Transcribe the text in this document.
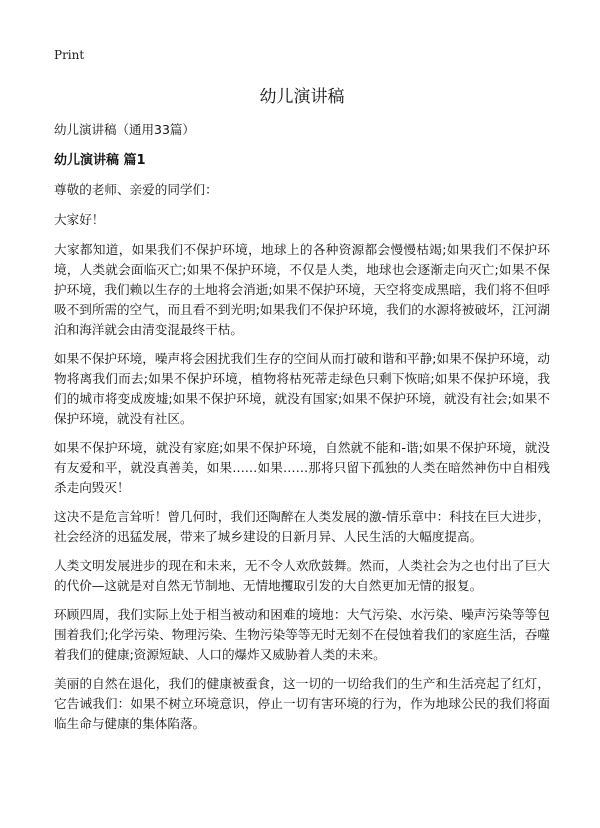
Print
幼儿演讲稿

幼儿演讲稿（通用33篇）

幼儿演讲稿 篇1

尊敬的老师、亲爱的同学们：

大家好！

大家都知道，如果我们不保护环境，地球上的各种资源都会慢慢枯竭;如果我们不保护环境，人类就会面临灭亡;如果不保护环境，不仅是人类，地球也会逐渐走向灭亡;如果不保护环境，我们赖以生存的土地将会消逝;如果不保护环境，天空将变成黑暗，我们将不但呼吸不到所需的空气，而且看不到光明;如果我们不保护环境，我们的水源将被破坏，江河湖泊和海洋就会由清变混最终干枯。

如果不保护环境，噪声将会困扰我们生存的空间从而打破和谐和平静;如果不保护环境，动物将离我们而去;如果不保护环境，植物将枯死蒂走绿色只剩下恢暗;如果不保护环境，我们的城市将变成废墟;如果不保护环境，就没有国家;如果不保护环境，就没有社会;如果不保护环境，就没有社区。

如果不保护环境，就没有家庭;如果不保护环境，自然就不能和-谐;如果不保护环境，就没有友爱和平，就没真善美，如果……如果……那将只留下孤独的人类在暗然神伤中自相残杀走向毁灭！

这决不是危言耸听！曾几何时，我们还陶醉在人类发展的激-情乐章中：科技在巨大进步，社会经济的迅猛发展，带来了城乡建设的日新月异、人民生活的大幅度提高。

人类文明发展进步的现在和未来，无不令人欢欣鼓舞。然而，人类社会为之也付出了巨大的代价—这就是对自然无节制地、无情地攫取引发的大自然更加无情的报复。

环顾四周，我们实际上处于相当被动和困难的境地：大气污染、水污染、噪声污染等等包围着我们;化学污染、物理污染、生物污染等等无时无刻不在侵蚀着我们的家庭生活，吞噬着我们的健康;资源短缺、人口的爆炸又威胁着人类的未来。

美丽的自然在退化，我们的健康被蚕食，这一切的一切给我们的生产和生活亮起了红灯，它告诫我们：如果不树立环境意识，停止一切有害环境的行为，作为地球公民的我们将面临生命与健康的集体陷落。
